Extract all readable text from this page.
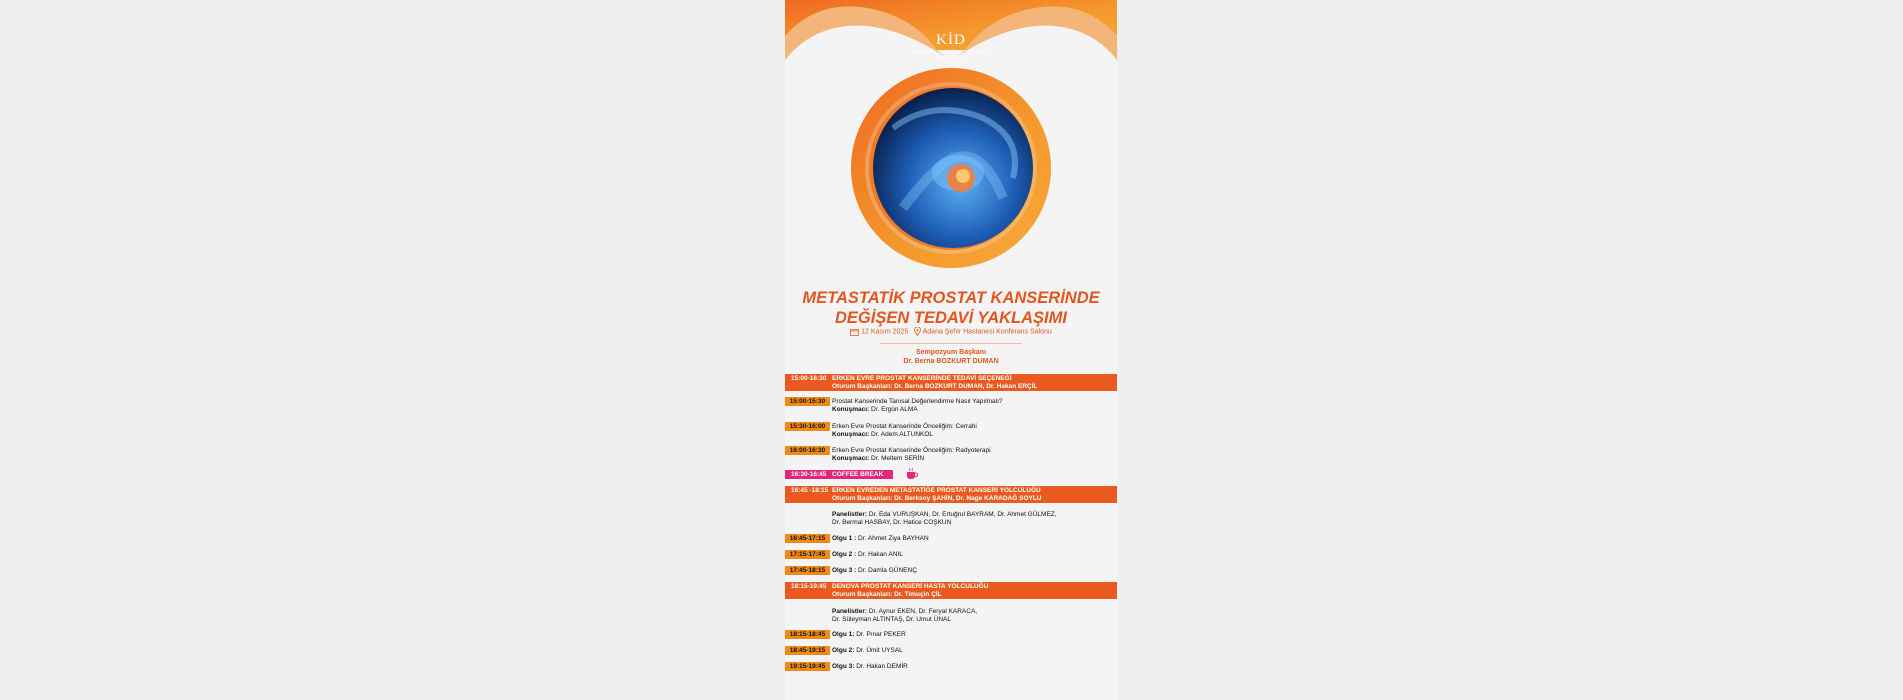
KİD
KANSER İMMÜNOTERAPİSİ
DERNEĞİ
METASTATİK PROSTAT KANSERİNDE
DEĞİŞEN TEDAVİ YAKLAŞIMI
12 Kasım 2025 Adana Şehir Hastanesi Konferans Salonu
Sempozyum Başkanı
Dr. Berna BOZKURT DUMAN
15:00-16:30 ERKEN EVRE PROSTAT KANSERİNDE TEDAVİ SEÇENEĞİ
Oturum Başkanları: Dr. Berna BOZKURT DUMAN, Dr. Hakan ERÇİL
15:00-15:30	Prostat Kanserinde Tanısal Değerlendirme Nasıl Yapılmalı?
Konuşmacı: Dr. Ergün ALMA
15:30-16:00	Erken Evre Prostat Kanserinde Önceliğim: Cerrahi
Konuşmacı: Dr. Adem ALTUNKOL
16:00-16:30	Erken Evre Prostat Kanserinde Önceliğim: Radyoterapi
Konuşmacı: Dr. Meltem SERİN
16:30-16:45 COFFEE BREAK
16:45 -18:15 ERKEN EVREDEN METASTATİĞE PROSTAT KANSERİ YOLCULUĞU
Oturum Başkanları: Dr. Berksoy ŞAHİN, Dr. Nage KARADAĞ SOYLU
Panelistler: Dr. Eda VURUŞKAN, Dr. Ertuğrul BAYRAM, Dr. Ahmet GÜLMEZ,
Dr. Bermal HASBAY, Dr. Hatice COŞKUN
16:45-17:15	Olgu 1 : Dr. Ahmet Ziya BAYHAN
17:15-17:45	Olgu 2 : Dr. Hakan ANIL
17:45-18:15	Olgu 3 : Dr. Damla GÜNENÇ
18:15-19:45 DENOVA PROSTAT KANSERİ HASTA YOLCULUĞU
Oturum Başkanları: Dr. Timuçin ÇİL
Panelistler: Dr. Aynur EKEN, Dr. Feryal KARACA,
Dr. Süleyman ALTINTAŞ, Dr. Umut ÜNAL
18:15-18:45	Olgu 1: Dr. Pınar PEKER
18:45-19:15	Olgu 2: Dr. Ümit UYSAL
19:15-19:45	Olgu 3: Dr. Hakan DEMİR
